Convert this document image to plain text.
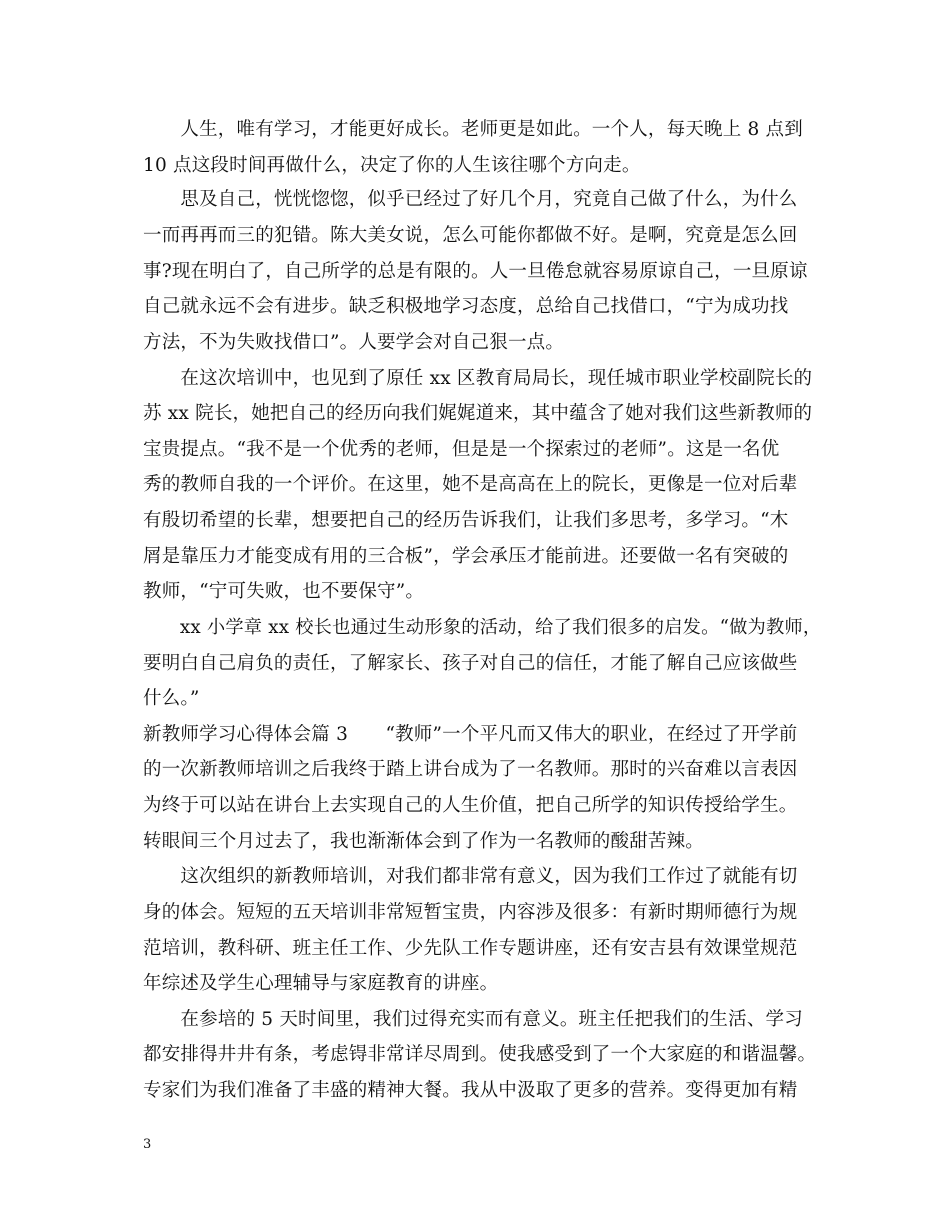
　　人生，唯有学习，才能更好成长。老师更是如此。一个人，每天晚上 8 点到
10 点这段时间再做什么，决定了你的人生该往哪个方向走。
　　思及自己，恍恍惚惚，似乎已经过了好几个月，究竟自己做了什么，为什么
一而再再而三的犯错。陈大美女说，怎么可能你都做不好。是啊，究竟是怎么回
事?现在明白了，自己所学的总是有限的。人一旦倦怠就容易原谅自己，一旦原谅
自己就永远不会有进步。缺乏积极地学习态度，总给自己找借口，“宁为成功找
方法，不为失败找借口”。人要学会对自己狠一点。
　　在这次培训中，也见到了原任 xx 区教育局局长，现任城市职业学校副院长的
苏 xx 院长，她把自己的经历向我们娓娓道来，其中蕴含了她对我们这些新教师的
宝贵提点。“我不是一个优秀的老师，但是是一个探索过的老师”。这是一名优
秀的教师自我的一个评价。在这里，她不是高高在上的院长，更像是一位对后辈
有殷切希望的长辈，想要把自己的经历告诉我们，让我们多思考，多学习。“木
屑是靠压力才能变成有用的三合板”，学会承压才能前进。还要做一名有突破的
教师，“宁可失败，也不要保守”。
　　xx 小学章 xx 校长也通过生动形象的活动，给了我们很多的启发。“做为教师，
要明白自己肩负的责任，了解家长、孩子对自己的信任，才能了解自己应该做些
什么。”
新教师学习心得体会篇 3　　“教师”一个平凡而又伟大的职业，在经过了开学前
的一次新教师培训之后我终于踏上讲台成为了一名教师。那时的兴奋难以言表因
为终于可以站在讲台上去实现自己的人生价值，把自己所学的知识传授给学生。
转眼间三个月过去了，我也渐渐体会到了作为一名教师的酸甜苦辣。
　　这次组织的新教师培训，对我们都非常有意义，因为我们工作过了就能有切
身的体会。短短的五天培训非常短暂宝贵，内容涉及很多：有新时期师德行为规
范培训，教科研、班主任工作、少先队工作专题讲座，还有安吉县有效课堂规范
年综述及学生心理辅导与家庭教育的讲座。
　　在参培的 5 天时间里，我们过得充实而有意义。班主任把我们的生活、学习
都安排得井井有条，考虑锝非常详尽周到。使我感受到了一个大家庭的和谐温馨。
专家们为我们准备了丰盛的精神大餐。我从中汲取了更多的营养。变得更加有精
3
